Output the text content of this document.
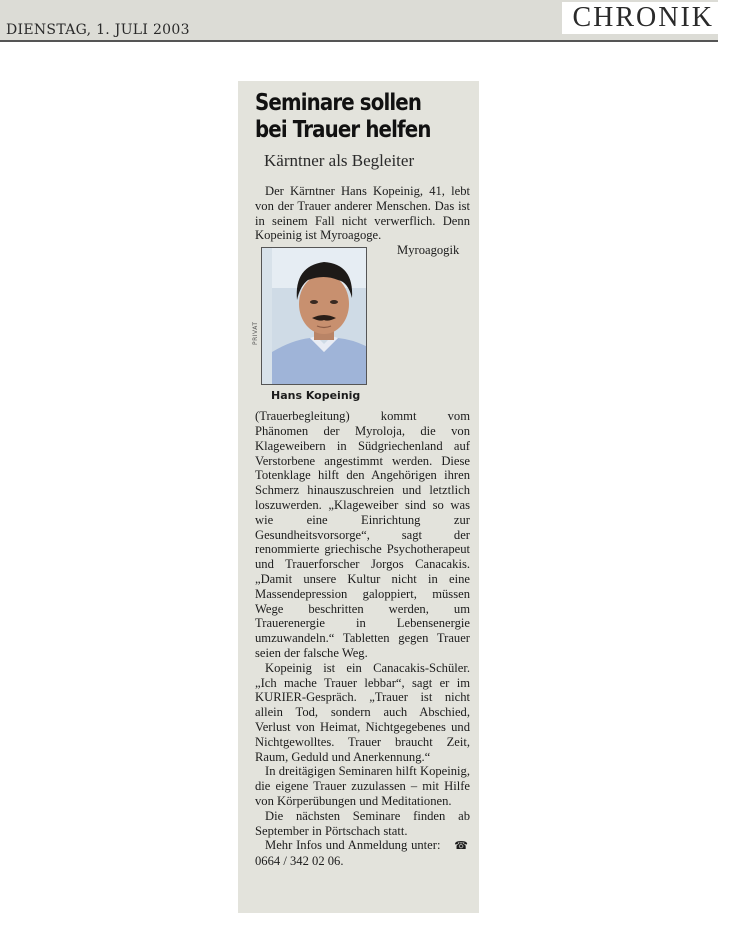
DIENSTAG, 1. JULI 2003	CHRONIK
Seminare sollen
bei Trauer helfen
Kärntner als Begleiter

Der Kärntner Hans Kopeinig, 41, lebt von der Trauer anderer Menschen. Das ist in seinem Fall nicht verwerflich. Denn Kopeinig ist Myroagoge.

PRIVAT
Hans Kopeinig
Myroagogik (Trauerbegleitung) kommt vom Phänomen der Myroloja, die von Klageweibern in Südgriechenland auf Verstorbene angestimmt werden. Diese Totenklage hilft den Angehörigen ihren Schmerz hinauszuschreien und letztlich loszuwerden. „Klageweiber sind so was wie eine Einrichtung zur Gesundheitsvorsorge“, sagt der renommierte griechische Psychotherapeut und Trauerforscher Jorgos Canacakis. „Damit unsere Kultur nicht in eine Massendepression galoppiert, müssen Wege beschritten werden, um Trauerenergie in Lebensenergie umzuwandeln.“ Tabletten gegen Trauer seien der falsche Weg.

Kopeinig ist ein Canacakis-Schüler. „Ich mache Trauer lebbar“, sagt er im KURIER-Gespräch. „Trauer ist nicht allein Tod, sondern auch Abschied, Verlust von Heimat, Nichtgegebenes und Nichtgewolltes. Trauer braucht Zeit, Raum, Geduld und Anerkennung.“

In dreitägigen Seminaren hilft Kopeinig, die eigene Trauer zuzulassen – mit Hilfe von Körperübungen und Meditationen.

Die nächsten Seminare finden ab September in Pörtschach statt.

Mehr Infos und Anmeldung unter: ☎0664 / 342 02 06.
